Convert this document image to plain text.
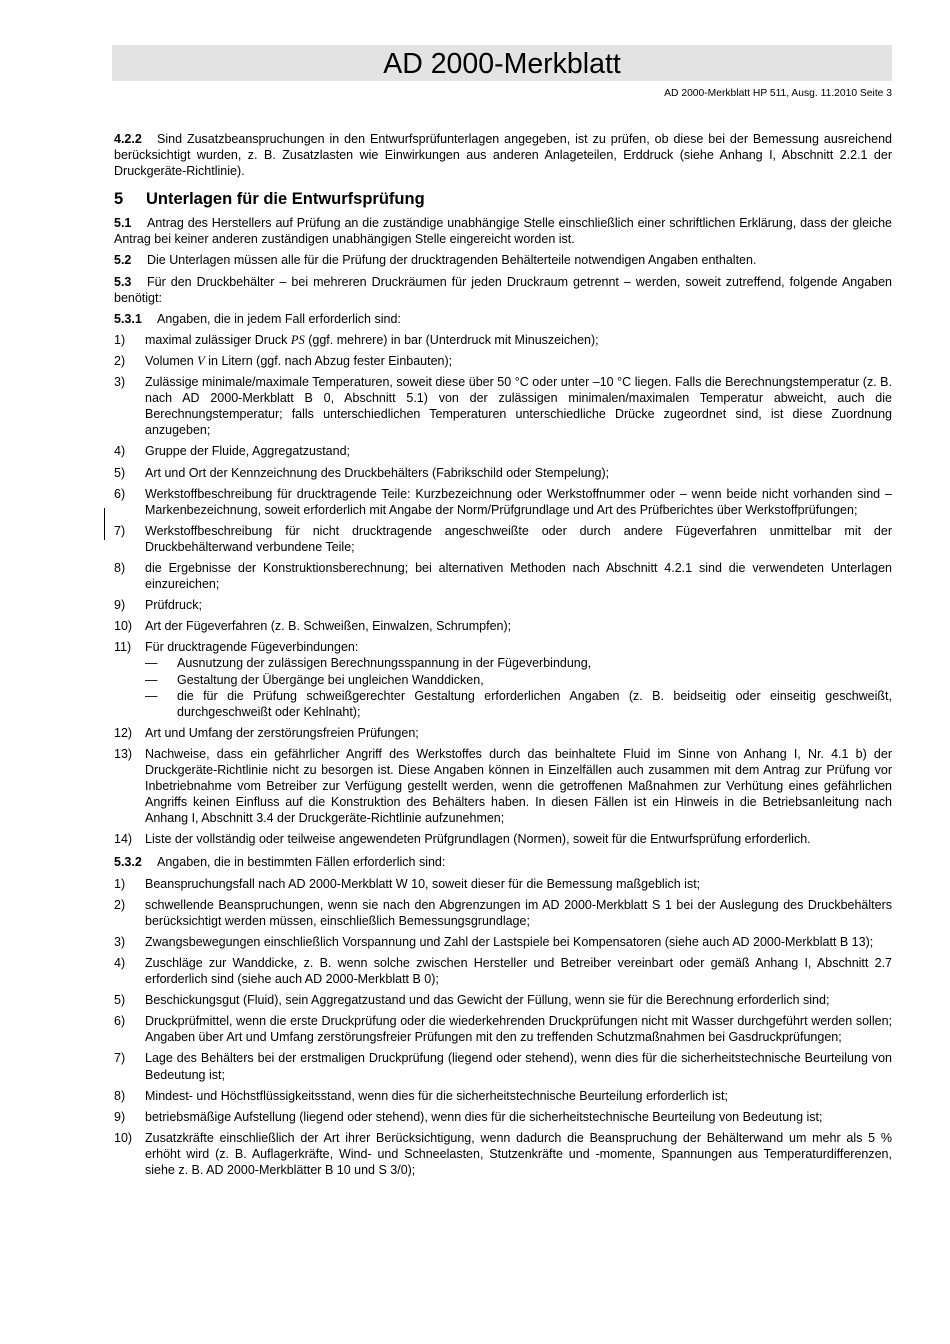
AD 2000-Merkblatt
AD 2000-Merkblatt HP 511, Ausg. 11.2010 Seite 3

4.2.2 Sind Zusatzbeanspruchungen in den Entwurfsprüfunterlagen angegeben, ist zu prüfen, ob diese bei der Bemessung ausreichend berücksichtigt wurden, z. B. Zusatzlasten wie Einwirkungen aus anderen Anlageteilen, Erddruck (siehe Anhang I, Abschnitt 2.2.1 der Druckgeräte-Richtlinie).

5 Unterlagen für die Entwurfsprüfung

5.1 Antrag des Herstellers auf Prüfung an die zuständige unabhängige Stelle einschließlich einer schriftlichen Erklärung, dass der gleiche Antrag bei keiner anderen zuständigen unabhängigen Stelle eingereicht worden ist.

5.2 Die Unterlagen müssen alle für die Prüfung der drucktragenden Behälterteile notwendigen Angaben enthalten.

5.3 Für den Druckbehälter – bei mehreren Druckräumen für jeden Druckraum getrennt – werden, soweit zutreffend, folgende Angaben benötigt:

5.3.1 Angaben, die in jedem Fall erforderlich sind:

1) maximal zulässiger Druck PS (ggf. mehrere) in bar (Unterdruck mit Minuszeichen);
2) Volumen V in Litern (ggf. nach Abzug fester Einbauten);
3) Zulässige minimale/maximale Temperaturen, soweit diese über 50 °C oder unter –10 °C liegen. Falls die Berechnungstemperatur (z. B. nach AD 2000-Merkblatt B 0, Abschnitt 5.1) von der zulässigen minimalen/maximalen Temperatur abweicht, auch die Berechnungstemperatur; falls unterschiedlichen Temperaturen unterschiedliche Drücke zugeordnet sind, ist diese Zuordnung anzugeben;
4) Gruppe der Fluide, Aggregatzustand;
5) Art und Ort der Kennzeichnung des Druckbehälters (Fabrikschild oder Stempelung);
6) Werkstoffbeschreibung für drucktragende Teile: Kurzbezeichnung oder Werkstoffnummer oder – wenn beide nicht vorhanden sind – Markenbezeichnung, soweit erforderlich mit Angabe der Norm/Prüfgrundlage und Art des Prüfberichtes über Werkstoffprüfungen;
7) Werkstoffbeschreibung für nicht drucktragende angeschweißte oder durch andere Fügeverfahren unmittelbar mit der Druckbehälterwand verbundene Teile;
8) die Ergebnisse der Konstruktionsberechnung; bei alternativen Methoden nach Abschnitt 4.2.1 sind die verwendeten Unterlagen einzureichen;
9) Prüfdruck;
10) Art der Fügeverfahren (z. B. Schweißen, Einwalzen, Schrumpfen);
11) Für drucktragende Fügeverbindungen:
— Ausnutzung der zulässigen Berechnungsspannung in der Fügeverbindung,
— Gestaltung der Übergänge bei ungleichen Wanddicken,
— die für die Prüfung schweißgerechter Gestaltung erforderlichen Angaben (z. B. beidseitig oder einseitig geschweißt, durchgeschweißt oder Kehlnaht);
12) Art und Umfang der zerstörungsfreien Prüfungen;
13) Nachweise, dass ein gefährlicher Angriff des Werkstoffes durch das beinhaltete Fluid im Sinne von Anhang I, Nr. 4.1 b) der Druckgeräte-Richtlinie nicht zu besorgen ist. Diese Angaben können in Einzelfällen auch zusammen mit dem Antrag zur Prüfung vor Inbetriebnahme vom Betreiber zur Verfügung gestellt werden, wenn die getroffenen Maßnahmen zur Verhütung eines gefährlichen Angriffs keinen Einfluss auf die Konstruktion des Behälters haben. In diesen Fällen ist ein Hinweis in die Betriebsanleitung nach Anhang I, Abschnitt 3.4 der Druckgeräte-Richtlinie aufzunehmen;
14) Liste der vollständig oder teilweise angewendeten Prüfgrundlagen (Normen), soweit für die Entwurfsprüfung erforderlich.

5.3.2 Angaben, die in bestimmten Fällen erforderlich sind:

1) Beanspruchungsfall nach AD 2000-Merkblatt W 10, soweit dieser für die Bemessung maßgeblich ist;
2) schwellende Beanspruchungen, wenn sie nach den Abgrenzungen im AD 2000-Merkblatt S 1 bei der Auslegung des Druckbehälters berücksichtigt werden müssen, einschließlich Bemessungsgrundlage;
3) Zwangsbewegungen einschließlich Vorspannung und Zahl der Lastspiele bei Kompensatoren (siehe auch AD 2000-Merkblatt B 13);
4) Zuschläge zur Wanddicke, z. B. wenn solche zwischen Hersteller und Betreiber vereinbart oder gemäß Anhang I, Abschnitt 2.7 erforderlich sind (siehe auch AD 2000-Merkblatt B 0);
5) Beschickungsgut (Fluid), sein Aggregatzustand und das Gewicht der Füllung, wenn sie für die Berechnung erforderlich sind;
6) Druckprüfmittel, wenn die erste Druckprüfung oder die wiederkehrenden Druckprüfungen nicht mit Wasser durchgeführt werden sollen; Angaben über Art und Umfang zerstörungsfreier Prüfungen mit den zu treffenden Schutzmaßnahmen bei Gasdruckprüfungen;
7) Lage des Behälters bei der erstmaligen Druckprüfung (liegend oder stehend), wenn dies für die sicherheitstechnische Beurteilung von Bedeutung ist;
8) Mindest- und Höchstflüssigkeitsstand, wenn dies für die sicherheitstechnische Beurteilung erforderlich ist;
9) betriebsmäßige Aufstellung (liegend oder stehend), wenn dies für die sicherheitstechnische Beurteilung von Bedeutung ist;
10) Zusatzkräfte einschließlich der Art ihrer Berücksichtigung, wenn dadurch die Beanspruchung der Behälterwand um mehr als 5 % erhöht wird (z. B. Auflagerkräfte, Wind- und Schneelasten, Stutzenkräfte und -momente, Spannungen aus Temperaturdifferenzen, siehe z. B. AD 2000-Merkblätter B 10 und S 3/0);
